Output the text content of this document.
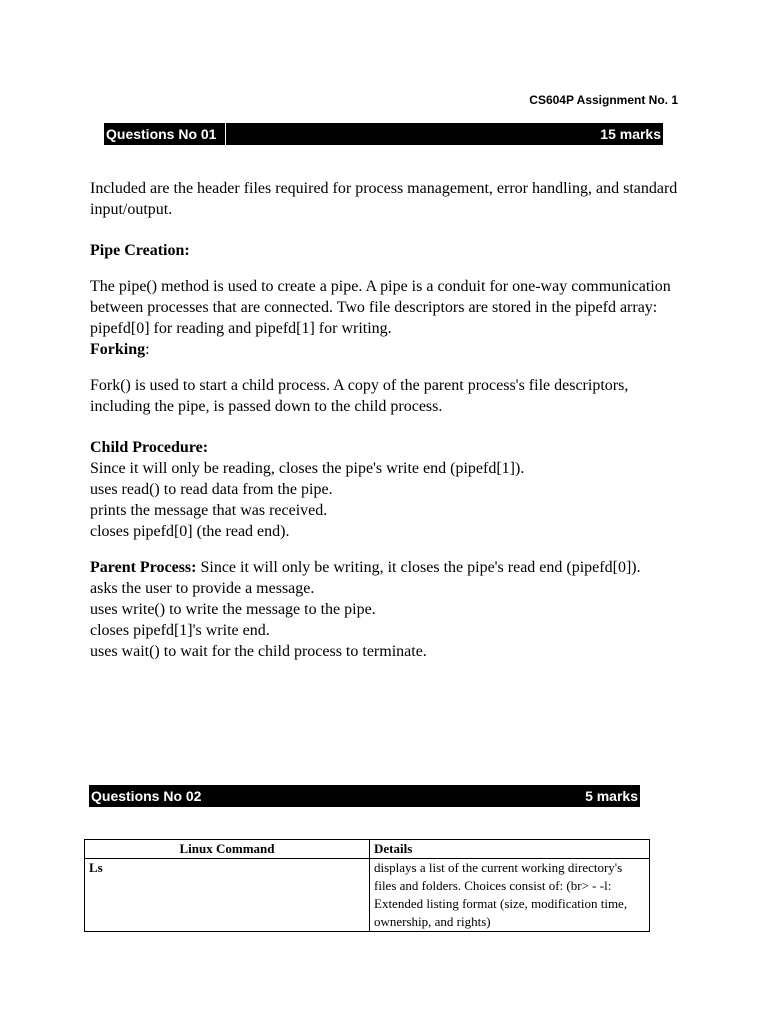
CS604P Assignment No. 1
Questions No 01	15 marks

Included are the header files required for process management, error handling, and standard input/output.

Pipe Creation:

The pipe() method is used to create a pipe. A pipe is a conduit for one-way communication between processes that are connected. Two file descriptors are stored in the pipefd array: pipefd[0] for reading and pipefd[1] for writing.

Forking:

Fork() is used to start a child process. A copy of the parent process's file descriptors, including the pipe, is passed down to the child process.

Child Procedure:
Since it will only be reading, closes the pipe's write end (pipefd[1]).
uses read() to read data from the pipe.
prints the message that was received.
closes pipefd[0] (the read end).
Parent Process: Since it will only be writing, it closes the pipe's read end (pipefd[0]).
asks the user to provide a message.
uses write() to write the message to the pipe.
closes pipefd[1]'s write end.
uses wait() to wait for the child process to terminate.
Questions No 02	5 marks
Linux Command	Details
Ls	displays a list of the current working directory's files and folders. Choices consist of: (br> - -l: Extended listing format (size, modification time, ownership, and rights)
